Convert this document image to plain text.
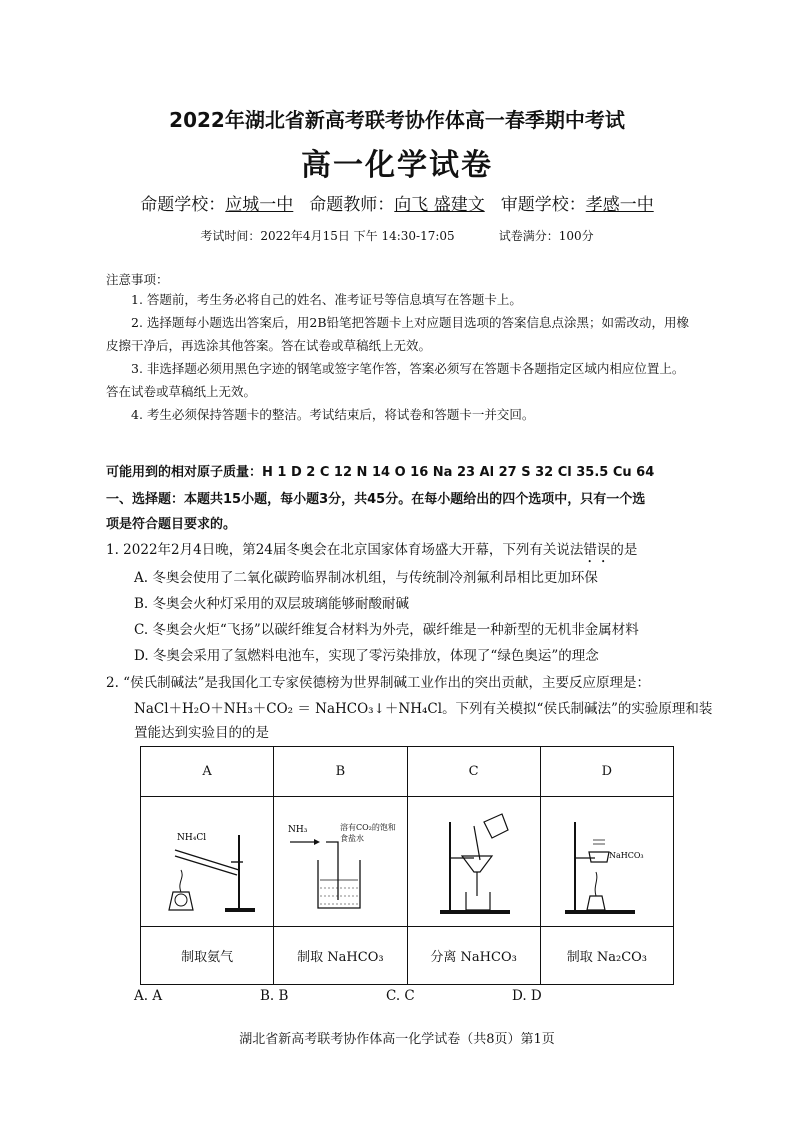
2022年湖北省新高考联考协作体高一春季期中考试
高一化学试卷
命题学校：应城一中 命题教师：向飞 盛建文 审题学校：孝感一中
考试时间：2022年4月15日 下午 14:30-17:05	试卷满分：100分
注意事项：
1. 答题前，考生务必将自己的姓名、准考证号等信息填写在答题卡上。
2. 选择题每小题选出答案后，用2B铅笔把答题卡上对应题目选项的答案信息点涂黑；如需改动，用橡皮擦干净后，再选涂其他答案。答在试卷或草稿纸上无效。
3. 非选择题必须用黑色字迹的钢笔或签字笔作答，答案必须写在答题卡各题指定区域内相应位置上。答在试卷或草稿纸上无效。
4. 考生必须保持答题卡的整洁。考试结束后，将试卷和答题卡一并交回。
可能用到的相对原子质量：H 1 D 2 C 12 N 14 O 16 Na 23 Al 27 S 32 Cl 35.5 Cu 64
一、选择题：本题共15小题，每小题3分，共45分。在每小题给出的四个选项中，只有一个选
项是符合题目要求的。
1. 2022年2月4日晚，第24届冬奥会在北京国家体育场盛大开幕，下列有关说法错误的是
A. 冬奥会使用了二氧化碳跨临界制冰机组，与传统制冷剂氟利昂相比更加环保
B. 冬奥会火种灯采用的双层玻璃能够耐酸耐碱
C. 冬奥会火炬“飞扬”以碳纤维复合材料为外壳，碳纤维是一种新型的无机非金属材料
D. 冬奥会采用了氢燃料电池车，实现了零污染排放，体现了“绿色奥运”的理念
2. “侯氏制碱法”是我国化工专家侯德榜为世界制碱工业作出的突出贡献，主要反应原理是：
NaCl＋H₂O＋NH₃＋CO₂ ＝ NaHCO₃↓＋NH₄Cl。下列有关模拟“侯氏制碱法”的实验原理和装
置能达到实验目的的是
A	B	C	D

NH₄Cl	NH₃ 溶有CO₂的饱和食盐水		NaHCO₃

制取氨气	制取 NaHCO₃	分离 NaHCO₃	制取 Na₂CO₃
A. A	B. B	C. C	D. D
湖北省新高考联考协作体高一化学试卷（共8页）第1页
